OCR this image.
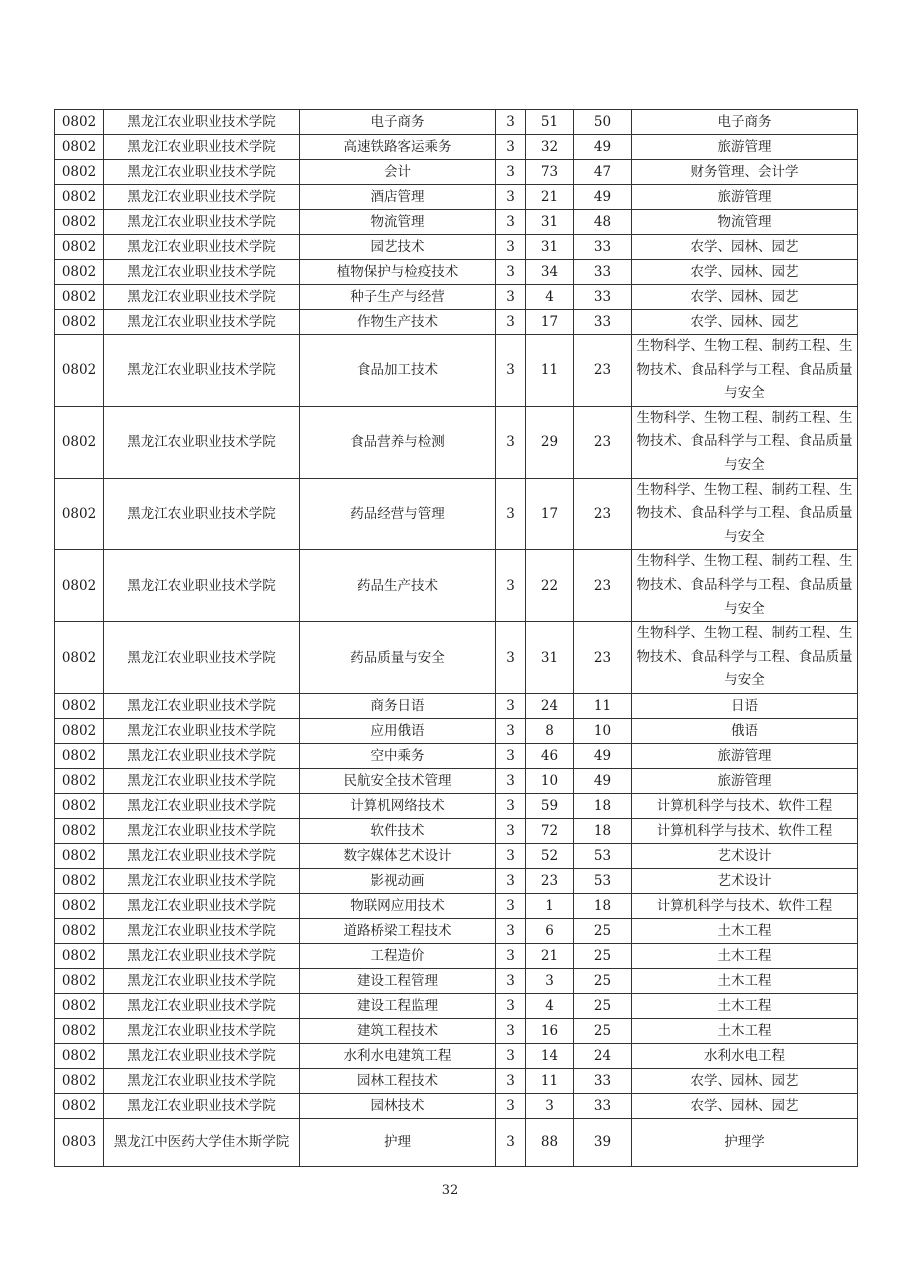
0802	黑龙江农业职业技术学院	电子商务	3	51	50	电子商务
0802	黑龙江农业职业技术学院	高速铁路客运乘务	3	32	49	旅游管理
0802	黑龙江农业职业技术学院	会计	3	73	47	财务管理、会计学
0802	黑龙江农业职业技术学院	酒店管理	3	21	49	旅游管理
0802	黑龙江农业职业技术学院	物流管理	3	31	48	物流管理
0802	黑龙江农业职业技术学院	园艺技术	3	31	33	农学、园林、园艺
0802	黑龙江农业职业技术学院	植物保护与检疫技术	3	34	33	农学、园林、园艺
0802	黑龙江农业职业技术学院	种子生产与经营	3	4	33	农学、园林、园艺
0802	黑龙江农业职业技术学院	作物生产技术	3	17	33	农学、园林、园艺
0802	黑龙江农业职业技术学院	食品加工技术	3	11	23	生物科学、生物工程、制药工程、生物技术、食品科学与工程、食品质量与安全
0802	黑龙江农业职业技术学院	食品营养与检测	3	29	23	生物科学、生物工程、制药工程、生物技术、食品科学与工程、食品质量与安全
0802	黑龙江农业职业技术学院	药品经营与管理	3	17	23	生物科学、生物工程、制药工程、生物技术、食品科学与工程、食品质量与安全
0802	黑龙江农业职业技术学院	药品生产技术	3	22	23	生物科学、生物工程、制药工程、生物技术、食品科学与工程、食品质量与安全
0802	黑龙江农业职业技术学院	药品质量与安全	3	31	23	生物科学、生物工程、制药工程、生物技术、食品科学与工程、食品质量与安全
0802	黑龙江农业职业技术学院	商务日语	3	24	11	日语
0802	黑龙江农业职业技术学院	应用俄语	3	8	10	俄语
0802	黑龙江农业职业技术学院	空中乘务	3	46	49	旅游管理
0802	黑龙江农业职业技术学院	民航安全技术管理	3	10	49	旅游管理
0802	黑龙江农业职业技术学院	计算机网络技术	3	59	18	计算机科学与技术、软件工程
0802	黑龙江农业职业技术学院	软件技术	3	72	18	计算机科学与技术、软件工程
0802	黑龙江农业职业技术学院	数字媒体艺术设计	3	52	53	艺术设计
0802	黑龙江农业职业技术学院	影视动画	3	23	53	艺术设计
0802	黑龙江农业职业技术学院	物联网应用技术	3	1	18	计算机科学与技术、软件工程
0802	黑龙江农业职业技术学院	道路桥梁工程技术	3	6	25	土木工程
0802	黑龙江农业职业技术学院	工程造价	3	21	25	土木工程
0802	黑龙江农业职业技术学院	建设工程管理	3	3	25	土木工程
0802	黑龙江农业职业技术学院	建设工程监理	3	4	25	土木工程
0802	黑龙江农业职业技术学院	建筑工程技术	3	16	25	土木工程
0802	黑龙江农业职业技术学院	水利水电建筑工程	3	14	24	水利水电工程
0802	黑龙江农业职业技术学院	园林工程技术	3	11	33	农学、园林、园艺
0802	黑龙江农业职业技术学院	园林技术	3	3	33	农学、园林、园艺
0803	黑龙江中医药大学佳木斯学院	护理	3	88	39	护理学
32
